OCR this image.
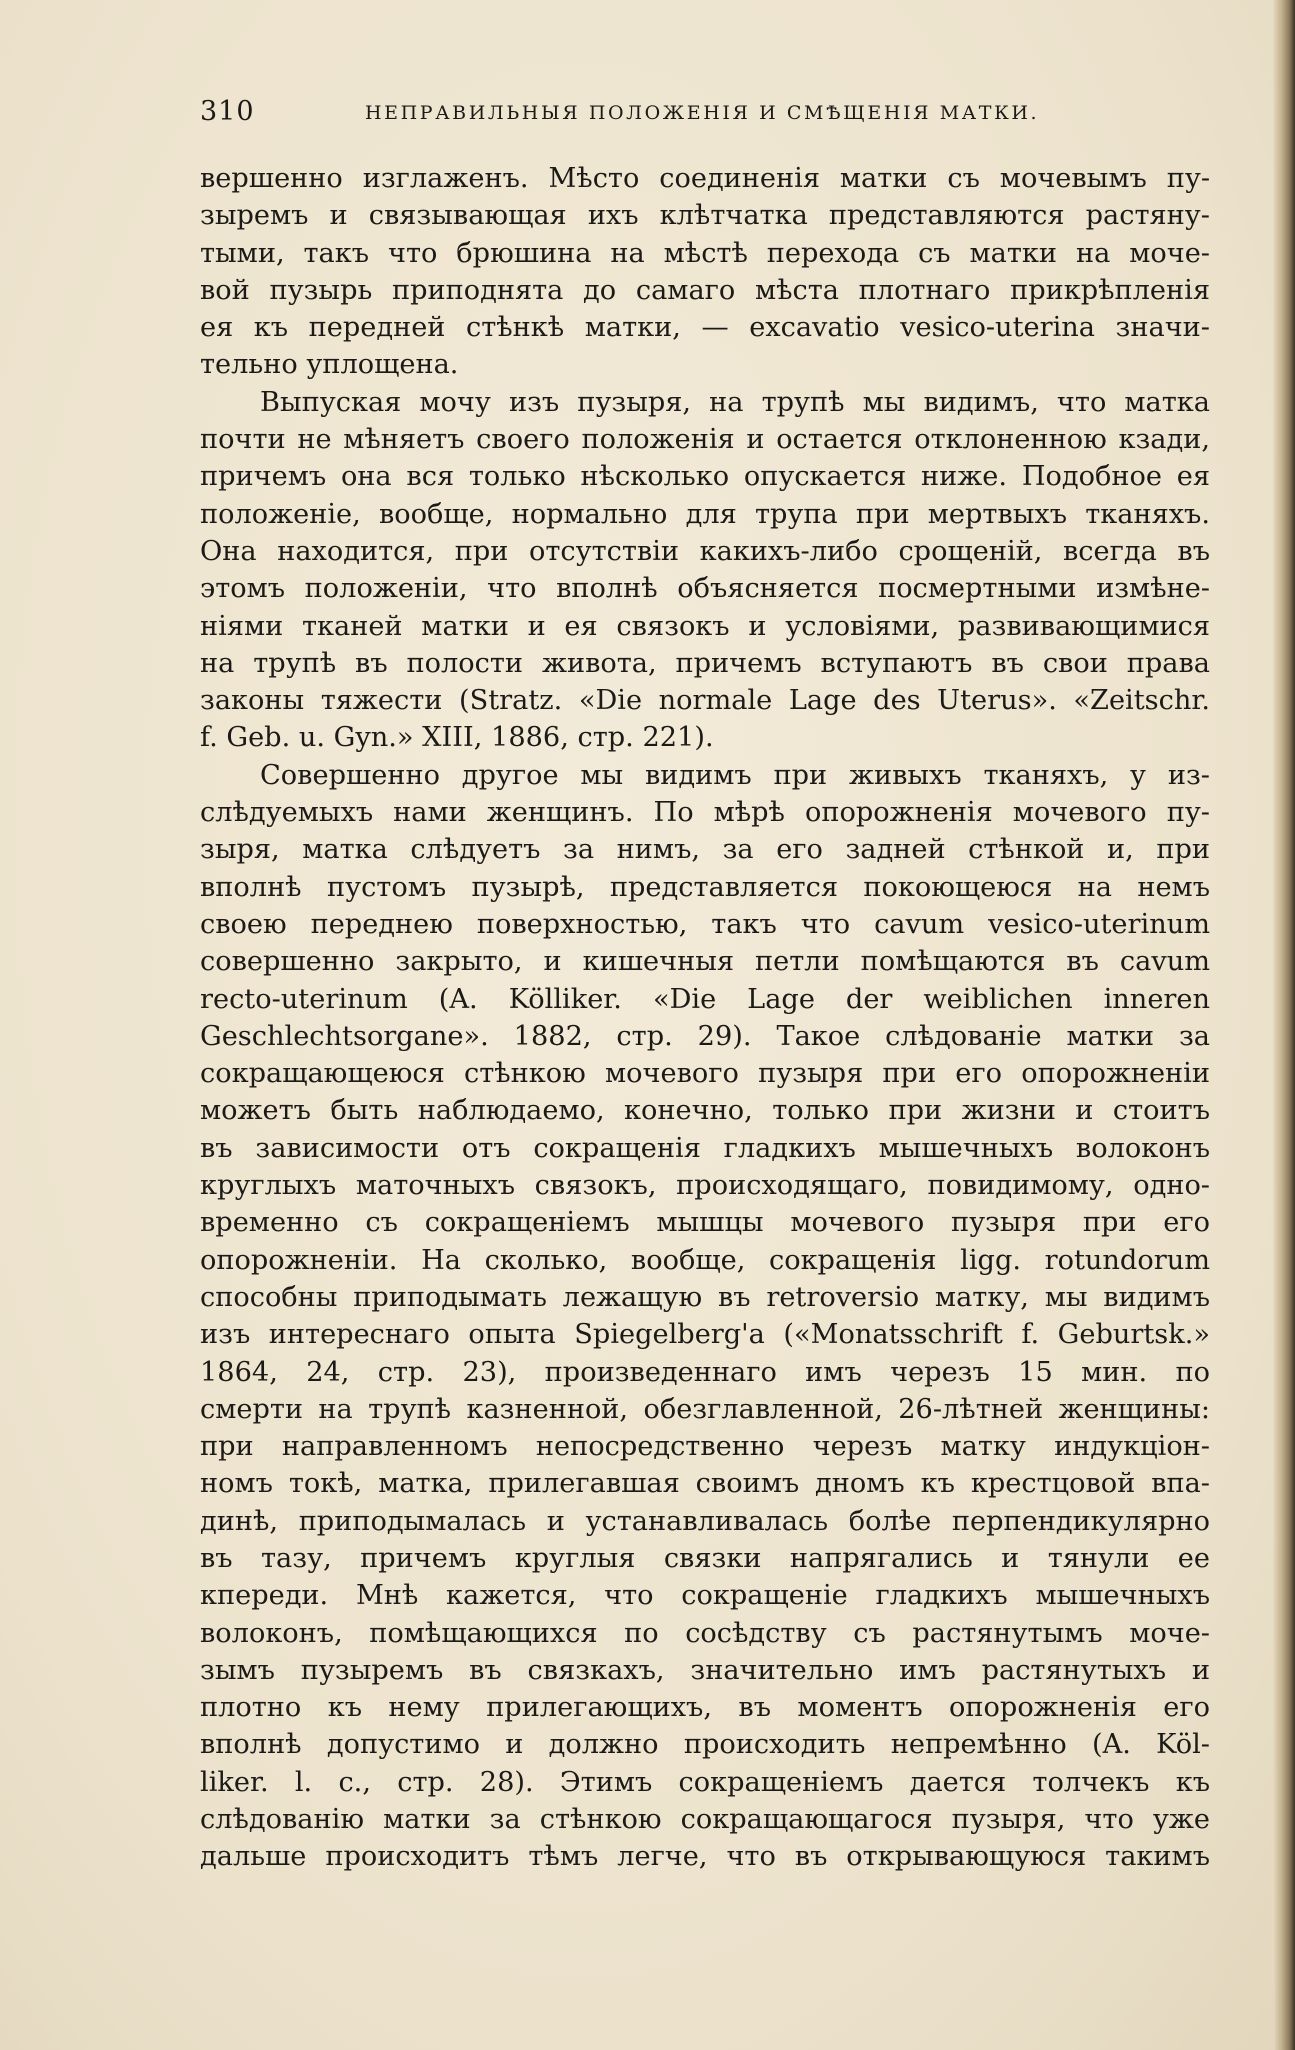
310	НЕПРАВИЛЬНЫЯ ПОЛОЖЕНІЯ И СМѢЩЕНІЯ МАТКИ.
вершенно изглаженъ. Мѣсто соединенія матки съ мочевымъ пу-
зыремъ и связывающая ихъ клѣтчатка представляются растяну-
тыми, такъ что брюшина на мѣстѣ перехода съ матки на моче-
вой пузырь приподнята до самаго мѣста плотнаго прикрѣпленія
ея къ передней стѣнкѣ матки, — excavatio vesico-uterina значи-
тельно уплощена.
Выпуская мочу изъ пузыря, на трупѣ мы видимъ, что матка
почти не мѣняетъ своего положенія и остается отклоненною кзади,
причемъ она вся только нѣсколько опускается ниже. Подобное ея
положеніе, вообще, нормально для трупа при мертвыхъ тканяхъ.
Она находится, при отсутствіи какихъ-либо срощеній, всегда въ
этомъ положеніи, что вполнѣ объясняется посмертными измѣне-
ніями тканей матки и ея связокъ и условіями, развивающимися
на трупѣ въ полости живота, причемъ вступаютъ въ свои права
законы тяжести (Stratz. «Die normale Lage des Uterus». «Zeitschr.
f. Geb. u. Gyn.» XIII, 1886, стр. 221).
Совершенно другое мы видимъ при живыхъ тканяхъ, у из-
слѣдуемыхъ нами женщинъ. По мѣрѣ опорожненія мочевого пу-
зыря, матка слѣдуетъ за нимъ, за его задней стѣнкой и, при
вполнѣ пустомъ пузырѣ, представляется покоющеюся на немъ
своею переднею поверхностью, такъ что cavum vesico-uterinum
совершенно закрыто, и кишечныя петли помѣщаются въ cavum
recto-uterinum (A. Kölliker. «Die Lage der weiblichen inneren
Geschlechtsorgane». 1882, стр. 29). Такое слѣдованіе матки за
сокращающеюся стѣнкою мочевого пузыря при его опорожненіи
можетъ быть наблюдаемо, конечно, только при жизни и стоитъ
въ зависимости отъ сокращенія гладкихъ мышечныхъ волоконъ
круглыхъ маточныхъ связокъ, происходящаго, повидимому, одно-
временно съ сокращеніемъ мышцы мочевого пузыря при его
опорожненіи. На сколько, вообще, сокращенія ligg. rotundorum
способны приподымать лежащую въ retroversio матку, мы видимъ
изъ интереснаго опыта Spiegelberg'а («Monatsschrift f. Geburtsk.»
1864, 24, стр. 23), произведеннаго имъ черезъ 15 мин. по
смерти на трупѣ казненной, обезглавленной, 26-лѣтней женщины:
при направленномъ непосредственно черезъ матку индукціон-
номъ токѣ, матка, прилегавшая своимъ дномъ къ крестцовой впа-
динѣ, приподымалась и устанавливалась болѣе перпендикулярно
въ тазу, причемъ круглыя связки напрягались и тянули ее
кпереди. Мнѣ кажется, что сокращеніе гладкихъ мышечныхъ
волоконъ, помѣщающихся по сосѣдству съ растянутымъ моче-
зымъ пузыремъ въ связкахъ, значительно имъ растянутыхъ и
плотно къ нему прилегающихъ, въ моментъ опорожненія его
вполнѣ допустимо и должно происходить непремѣнно (A. Köl-
liker. l. c., стр. 28). Этимъ сокращеніемъ дается толчекъ къ
слѣдованію матки за стѣнкою сокращающагося пузыря, что уже
дальше происходитъ тѣмъ легче, что въ открывающуюся такимъ
